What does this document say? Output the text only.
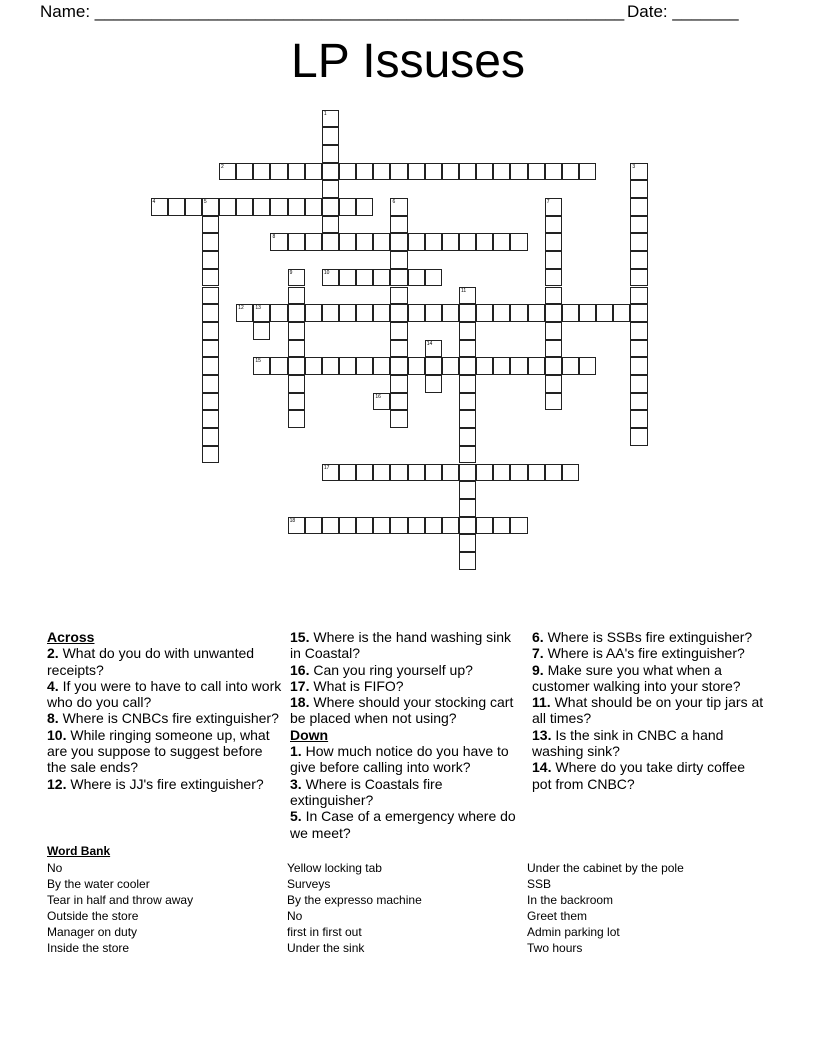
Name: ________________________________________________________ Date: _______
LP Issuses
1
2	3
4	5	6	7
8
9	10
11
12 13
14
15
16
17
18
Across
2. What do you do with unwanted receipts?
4. If you were to have to call into work who do you call?
8. Where is CNBCs fire extinguisher?
10. While ringing someone up, what are you suppose to suggest before the sale ends?
12. Where is JJ's fire extinguisher?
15. Where is the hand washing sink in Coastal?
16. Can you ring yourself up?
17. What is FIFO?
18. Where should your stocking cart be placed when not using?
Down
1. How much notice do you have to give before calling into work?
3. Where is Coastals fire extinguisher?
5. In Case of a emergency where do we meet?
6. Where is SSBs fire extinguisher?
7. Where is AA's fire extinguisher?
9. Make sure you what when a customer walking into your store?
11. What should be on your tip jars at all times?
13. Is the sink in CNBC a hand washing sink?
14. Where do you take dirty coffee pot from CNBC?
Word Bank
No
By the water cooler
Tear in half and throw away
Outside the store
Manager on duty
Inside the store
Yellow locking tab
Surveys
By the expresso machine
No
first in first out
Under the sink
Under the cabinet by the pole
SSB
In the backroom
Greet them
Admin parking lot
Two hours
